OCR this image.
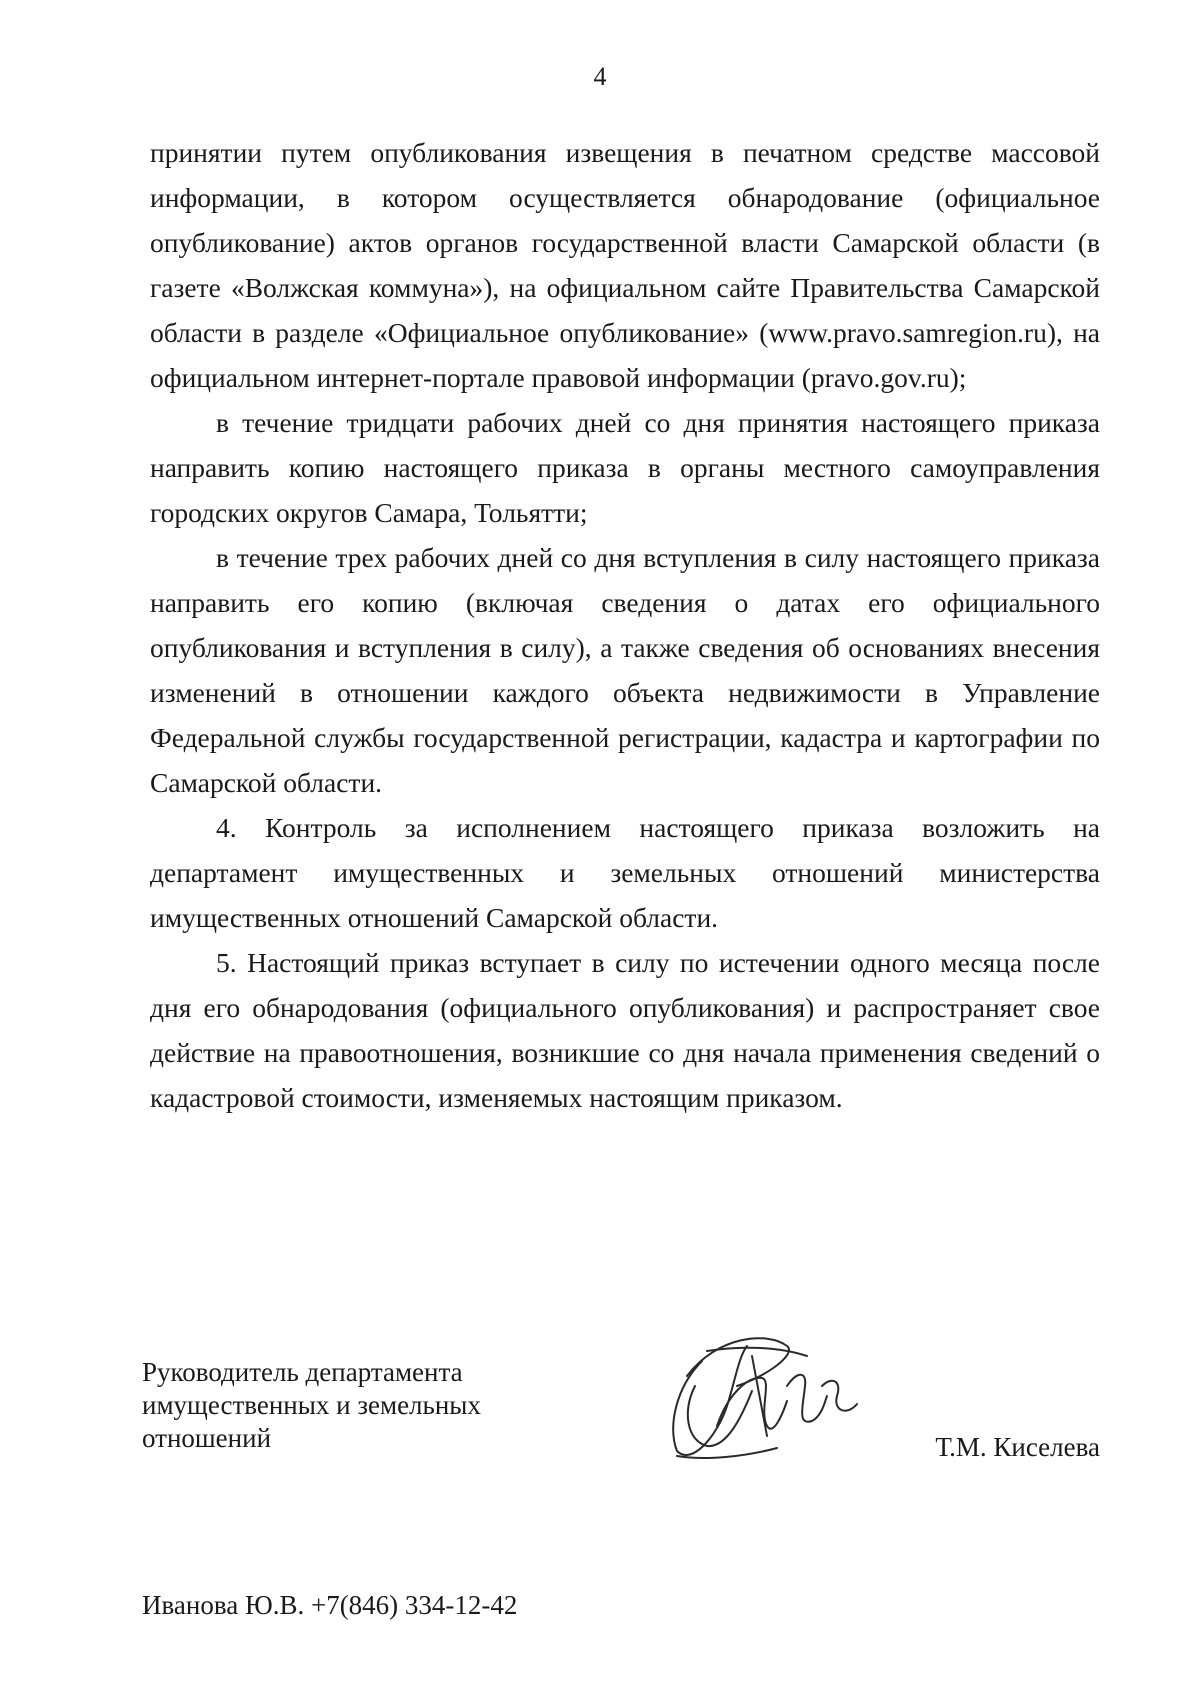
4

принятии путем опубликования извещения в печатном средстве массовой информации, в котором осуществляется обнародование (официальное опубликование) актов органов государственной власти Самарской области (в газете «Волжская коммуна»), на официальном сайте Правительства Самарской области в разделе «Официальное опубликование» (www.pravo.samregion.ru), на официальном интернет-портале правовой информации (pravo.gov.ru);

в течение тридцати рабочих дней со дня принятия настоящего приказа направить копию настоящего приказа в органы местного самоуправления городских округов Самара, Тольятти;

в течение трех рабочих дней со дня вступления в силу настоящего приказа направить его копию (включая сведения о датах его официального опубликования и вступления в силу), а также сведения об основаниях внесения изменений в отношении каждого объекта недвижимости в Управление Федеральной службы государственной регистрации, кадастра и картографии по Самарской области.

4. Контроль за исполнением настоящего приказа возложить на департамент имущественных и земельных отношений министерства имущественных отношений Самарской области.

5. Настоящий приказ вступает в силу по истечении одного месяца после дня его обнародования (официального опубликования) и распространяет свое действие на правоотношения, возникшие со дня начала применения сведений о кадастровой стоимости, изменяемых настоящим приказом.

Руководитель департамента
имущественных и земельных
отношений	Т.М. Киселева
Иванова Ю.В. +7(846) 334-12-42
